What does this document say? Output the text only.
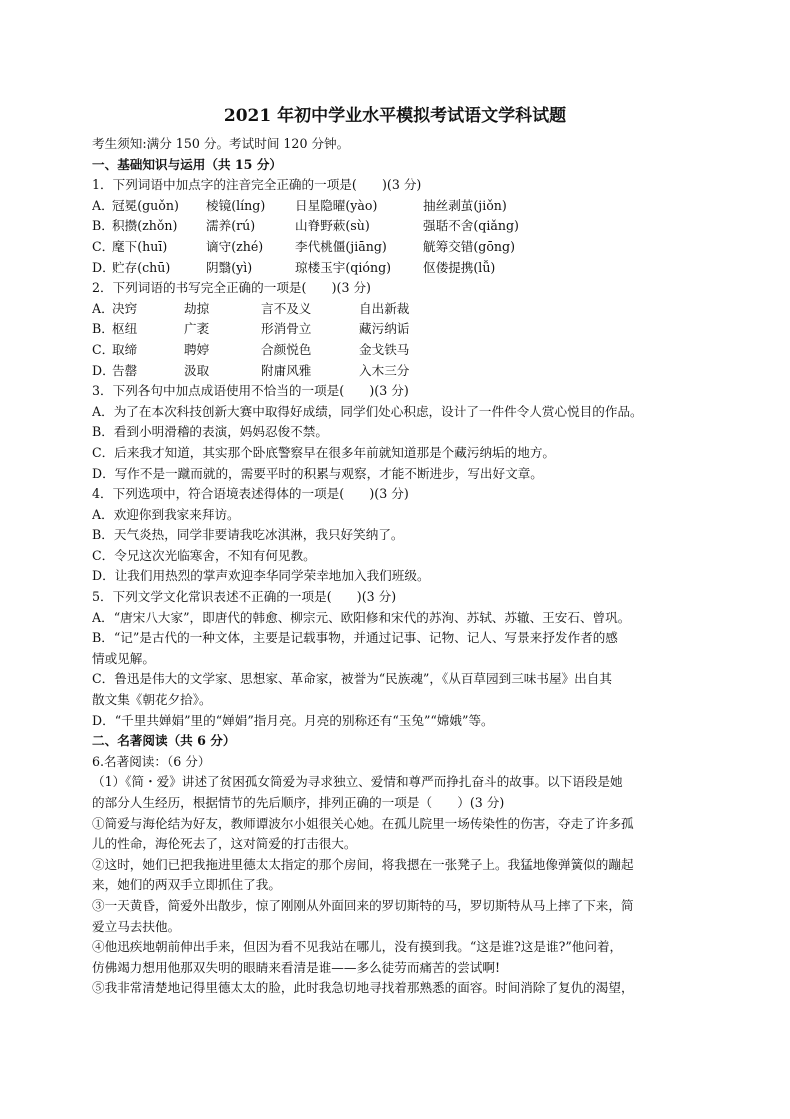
2021 年初中学业水平模拟考试语文学科试题
考生须知:满分 150 分。考试时间 120 分钟。
一、基础知识与运用（共 15 分）
1．下列词语中加点字的注音完全正确的一项是(　　)(3 分)
A．
冠冕(guǒn)	棱镜(líng)	日星隐曜(yào)	抽丝剥茧(jiǒn)
B．
积攒(zhǒn)	濡养(rú)	山脊野蔌(sù)	强聒不舍(qiǎng)
C．
麾下(huī)	谪守(zhé)	李代桃僵(jiāng)	觥筹交错(gōng)
D．
贮存(chū)	阴翳(yì)	琼楼玉宇(qióng)	伛偻提携(lǚ)
2．下列词语的书写完全正确的一项是(　　)(3 分)
A．
决窍	劫掠	言不及义	自出新裁
B．
枢纽	广袤	形消骨立	藏污纳诟
C．
取缔	聘婷	合颜悦色	金戈铁马
D．
告罄	汲取	附庸风雅	入木三分
3．下列各句中加点成语使用不恰当的一项是(　　)(3 分)
A．为了在本次科技创新大赛中取得好成绩，同学们处心积虑，设计了一件件令人赏心悦目的作品。
B．看到小明滑稽的表演，妈妈忍俊不禁。
C．后来我才知道，其实那个卧底警察早在很多年前就知道那是个藏污纳垢的地方。
D．写作不是一蹴而就的，需要平时的积累与观察，才能不断进步，写出好文章。
4．下列选项中，符合语境表述得体的一项是(　　)(3 分)
A．欢迎你到我家来拜访。
B．天气炎热，同学非要请我吃冰淇淋，我只好笑纳了。
C．令兄这次光临寒舍，不知有何见教。
D．让我们用热烈的掌声欢迎李华同学荣幸地加入我们班级。
5．下列文学文化常识表述不正确的一项是(　　)(3 分)
A．“唐宋八大家”，即唐代的韩愈、柳宗元、欧阳修和宋代的苏洵、苏轼、苏辙、王安石、曾巩。
B．“记”是古代的一种文体，主要是记载事物，并通过记事、记物、记人、写景来抒发作者的感
情或见解。
C．鲁迅是伟大的文学家、思想家、革命家，被誉为“民族魂”，《从百草园到三味书屋》出自其
散文集《朝花夕拾》。
D．“千里共婵娟”里的“婵娟”指月亮。月亮的别称还有“玉兔”“嫦娥”等。
二、名著阅读（共 6 分）
6.名著阅读：（6 分）
（1）《简・爱》讲述了贫困孤女简爱为寻求独立、爱情和尊严而挣扎奋斗的故事。以下语段是她
的部分人生经历，根据情节的先后顺序，排列正确的一项是（　　）(3 分)
①简爱与海伦结为好友，教师谭波尔小姐很关心她。在孤儿院里一场传染性的伤害，夺走了许多孤
儿的性命，海伦死去了，这对简爱的打击很大。
②这时，她们已把我拖进里德太太指定的那个房间，将我摁在一张凳子上。我猛地像弹簧似的蹦起
来，她们的两双手立即抓住了我。
③一天黄昏，简爱外出散步，惊了刚刚从外面回来的罗切斯特的马，罗切斯特从马上摔了下来，简
爱立马去扶他。
④他迅疾地朝前伸出手来，但因为看不见我站在哪儿，没有摸到我。“这是谁?这是谁?”他问着，
仿佛竭力想用他那双失明的眼睛来看清是谁——多么徒劳而痛苦的尝试啊!
⑤我非常清楚地记得里德太太的脸，此时我急切地寻找着那熟悉的面容。时间消除了复仇的渴望，
